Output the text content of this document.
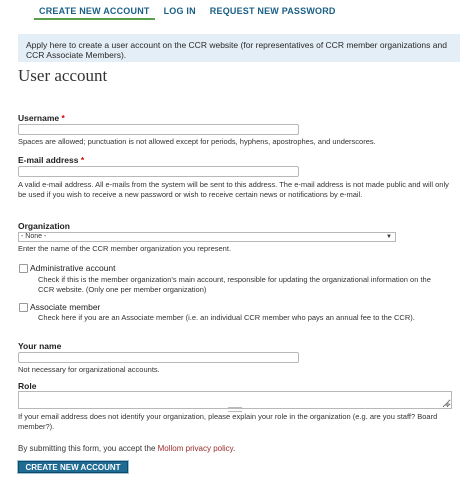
CREATE NEW ACCOUNT	LOG IN	REQUEST NEW PASSWORD
Apply here to create a user account on the CCR website (for representatives of CCR member organizations and CCR Associate Members).
User account
Username *
Spaces are allowed; punctuation is not allowed except for periods, hyphens, apostrophes, and underscores.
E-mail address *
A valid e-mail address. All e-mails from the system will be sent to this address. The e-mail address is not made public and will only be used if you wish to receive a new password or wish to receive certain news or notifications by e-mail.
Organization
- None -	▼
Enter the name of the CCR member organization you represent.
Administrative account
Check if this is the member organization's main account, responsible for updating the organizational information on the CCR website. (Only one per member organization)
Associate member
Check here if you are an Associate member (i.e. an individual CCR member who pays an annual fee to the CCR).
Your name
Not necessary for organizational accounts.
Role
◢
If your email address does not identify your organization, please explain your role in the organization (e.g. are you staff? Board member?).
By submitting this form, you accept the Mollom privacy policy.
CREATE NEW ACCOUNT
